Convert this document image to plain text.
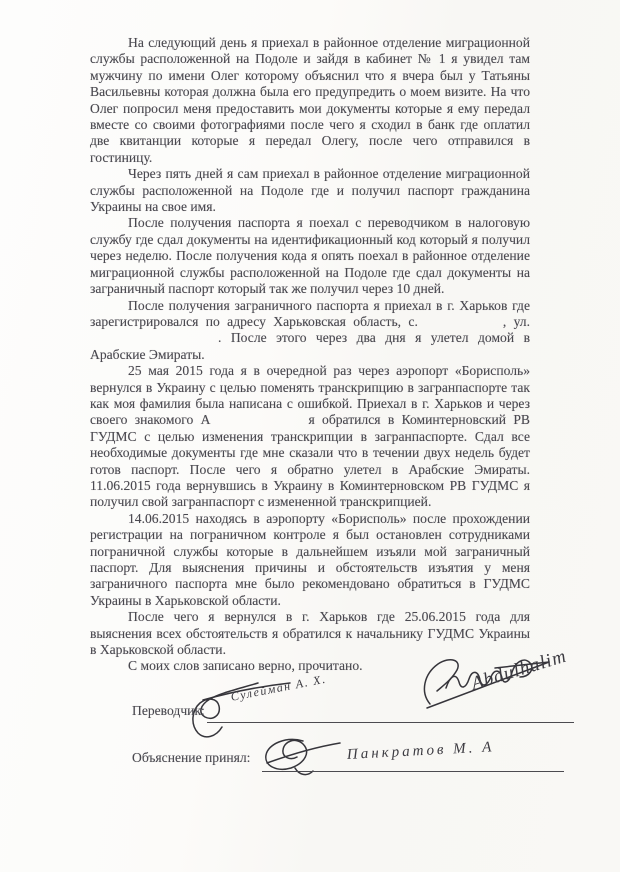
На следующий день я приехал в районное отделение миграционной службы расположенной на Подоле и зайдя в кабинет № 1 я увидел там мужчину по имени Олег которому объяснил что я вчера был у Татьяны Васильевны которая должна была его предупредить о моем визите. На что Олег попросил меня предоставить мои документы которые я ему передал вместе со своими фотографиями после чего я сходил в банк где оплатил две квитанции которые я передал Олегу, после чего отправился в гостиницу.

Через пять дней я сам приехал в районное отделение миграционной службы расположенной на Подоле где и получил паспорт гражданина Украины на свое имя.

После получения паспорта я поехал с переводчиком в налоговую службу где сдал документы на идентификационный код который я получил через неделю. После получения кода я опять поехал в районное отделение миграционной службы расположенной на Подоле где сдал документы на заграничный паспорт который так же получил через 10 дней.

После получения заграничного паспорта я приехал в г. Харьков где зарегистрировался по адресу Харьковская область, с.	, ул.. После этого через два дня я улетел домой в Арабские Эмираты.

25 мая 2015 года я в очередной раз через аэропорт «Борисполь» вернулся в Украину с целью поменять транскрипцию в загранпаспорте так как моя фамилия была написана с ошибкой. Приехал в г. Харьков и через своего знакомого А	я обратился в Коминтерновский РВ ГУДМС с целью изменения транскрипции в загранпаспорте. Сдал все необходимые документы где мне сказали что в течении двух недель будет готов паспорт. После чего я обратно улетел в Арабские Эмираты. 11.06.2015 года вернувшись в Украину в Коминтерновском РВ ГУДМС я получил свой загранпаспорт с измененной транскрипцией.

14.06.2015 находясь в аэропорту «Борисполь» после прохождении регистрации на пограничном контроле я был остановлен сотрудниками пограничной службы которые в дальнейшем изъяли мой заграничный паспорт. Для выяснения причины и обстоятельств изъятия у меня заграничного паспорта мне было рекомендовано обратиться в ГУДМС Украины в Харьковской области.

После чего я вернулся в г. Харьков где 25.06.2015 года для выяснения всех обстоятельств я обратился к начальнику ГУДМС Украины в Харьковской области.

С моих слов записано верно, прочитано.	Abdulhalim
Сулейман А. Х.
Панкратов М. А
Переводчик:
Объяснение принял:
